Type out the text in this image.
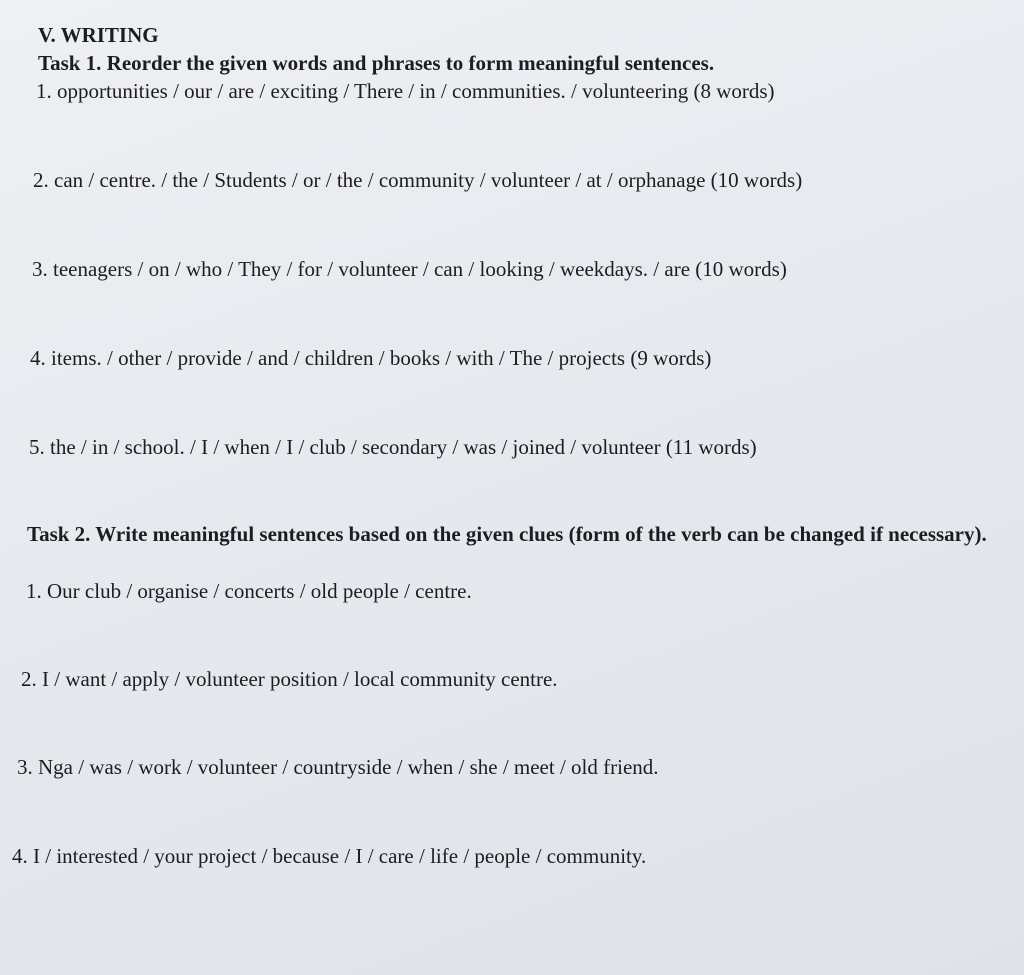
V. WRITING
Task 1. Reorder the given words and phrases to form meaningful sentences.
1. opportunities / our / are / exciting / There / in / communities. / volunteering (8 words)
2. can / centre. / the / Students / or / the / community / volunteer / at / orphanage (10 words)
3. teenagers / on / who / They / for / volunteer / can / looking / weekdays. / are (10 words)
4. items. / other / provide / and / children / books / with / The / projects (9 words)
5. the / in / school. / I / when / I / club / secondary / was / joined / volunteer (11 words)
Task 2. Write meaningful sentences based on the given clues (form of the verb can be changed if necessary).
1. Our club / organise / concerts / old people / centre.
2. I / want / apply / volunteer position / local community centre.
3. Nga / was / work / volunteer / countryside / when / she / meet / old friend.
4. I / interested / your project / because / I / care / life / people / community.
